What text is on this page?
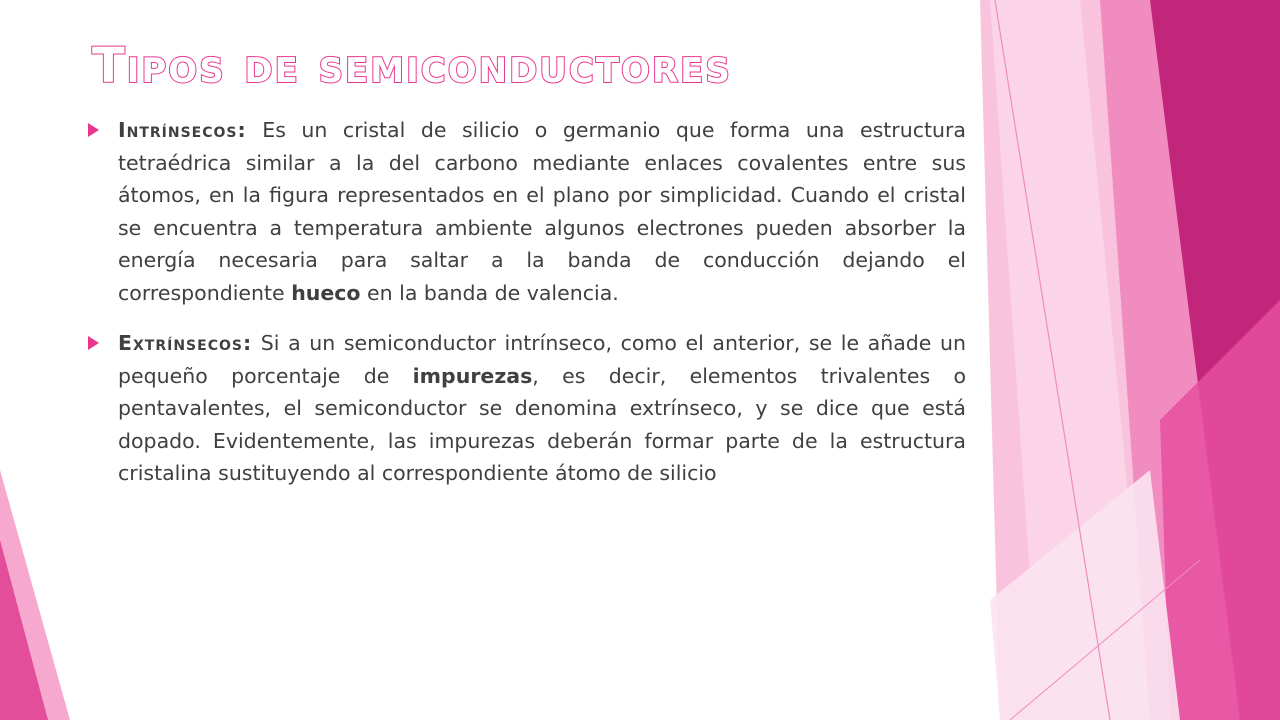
Tipos de semiconductores

Intrínsecos: Es un cristal de silicio o germanio que forma una estructura tetraédrica similar a la del carbono mediante enlaces covalentes entre sus átomos, en la figura representados en el plano por simplicidad. Cuando el cristal se encuentra a temperatura ambiente algunos electrones pueden absorber la energía necesaria para saltar a la banda de conducción dejando el correspondiente hueco en la banda de valencia.

Extrínsecos: Si a un semiconductor intrínseco, como el anterior, se le añade un pequeño porcentaje de impurezas, es decir, elementos trivalentes o pentavalentes, el semiconductor se denomina extrínseco, y se dice que está dopado. Evidentemente, las impurezas deberán formar parte de la estructura cristalina sustituyendo al correspondiente átomo de silicio
